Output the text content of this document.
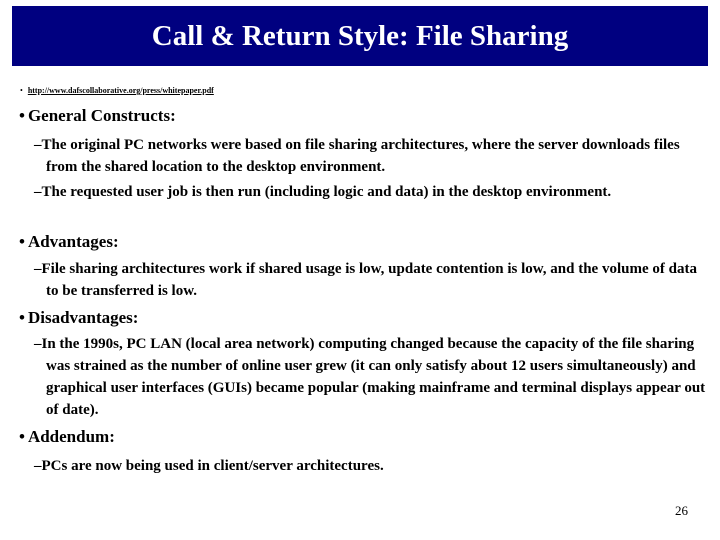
Call & Return Style: File Sharing
• http://www.dafscollaborative.org/press/whitepaper.pdf
• General Constructs:
–The original PC networks were based on file sharing architectures, where the server downloads files from the shared location to the desktop environment.
–The requested user job is then run (including logic and data) in the desktop environment.
• Advantages:
–File sharing architectures work if shared usage is low, update contention is low, and the volume of data to be transferred is low.
• Disadvantages:
–In the 1990s, PC LAN (local area network) computing changed because the capacity of the file sharing was strained as the number of online user grew (it can only satisfy about 12 users simultaneously) and graphical user interfaces (GUIs) became popular (making mainframe and terminal displays appear out of date).
• Addendum:
–PCs are now being used in client/server architectures.
26
